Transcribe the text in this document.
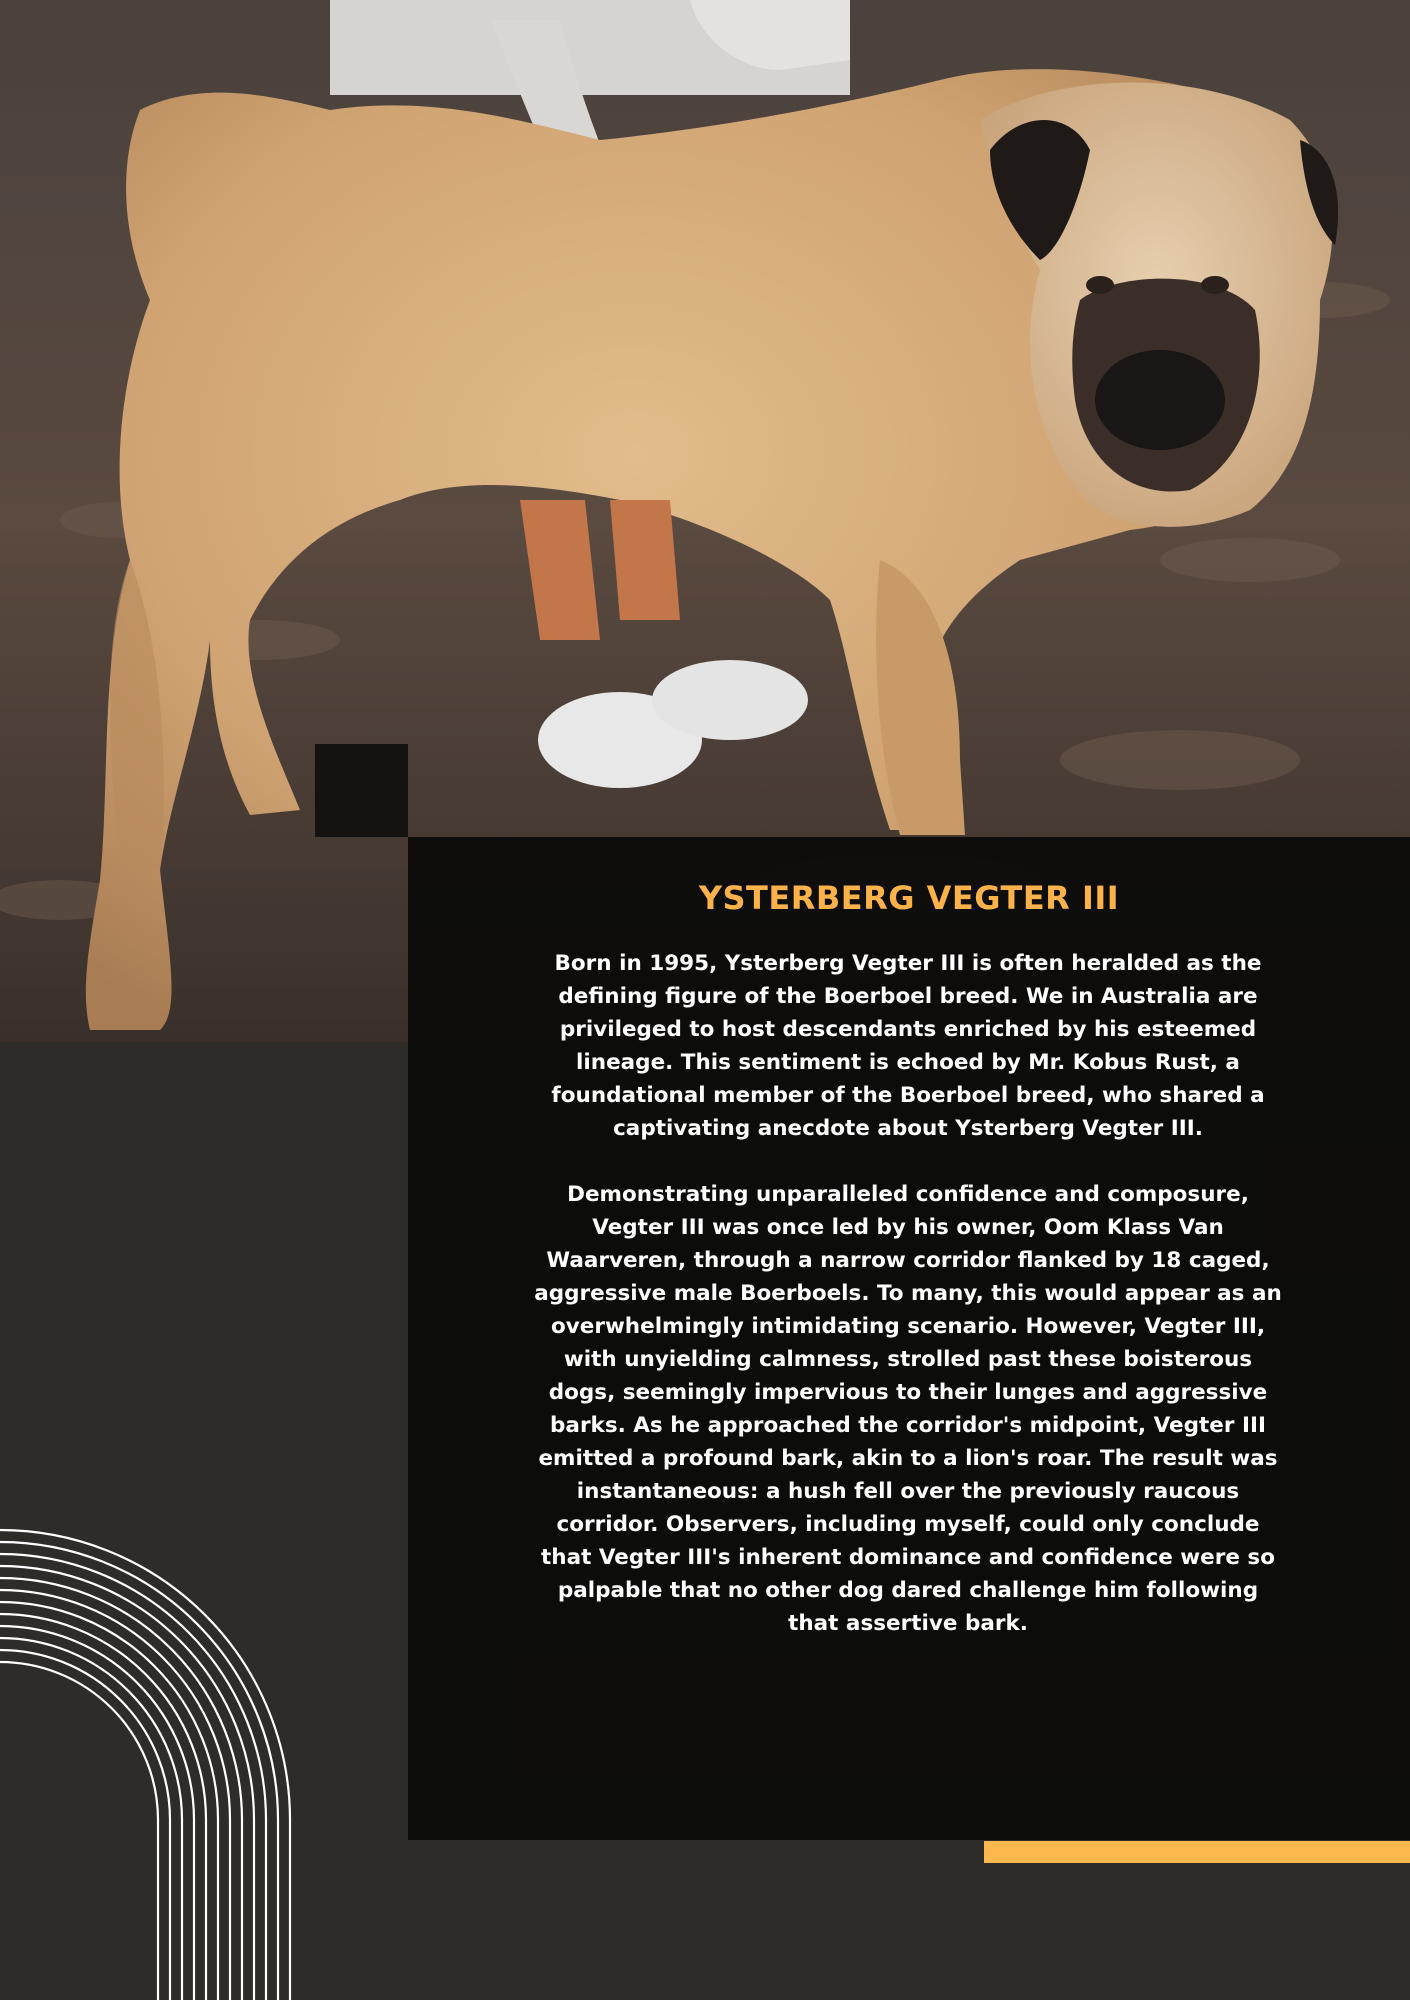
YSTERBERG VEGTER III

Born in 1995, Ysterberg Vegter III is often heralded as the defining figure of the Boerboel breed. We in Australia are privileged to host descendants enriched by his esteemed lineage. This sentiment is echoed by Mr. Kobus Rust, a foundational member of the Boerboel breed, who shared a captivating anecdote about Ysterberg Vegter III.

Demonstrating unparalleled confidence and composure, Vegter III was once led by his owner, Oom Klass Van Waarveren, through a narrow corridor flanked by 18 caged, aggressive male Boerboels. To many, this would appear as an overwhelmingly intimidating scenario. However, Vegter III, with unyielding calmness, strolled past these boisterous dogs, seemingly impervious to their lunges and aggressive barks. As he approached the corridor's midpoint, Vegter III emitted a profound bark, akin to a lion's roar. The result was instantaneous: a hush fell over the previously raucous corridor. Observers, including myself, could only conclude that Vegter III's inherent dominance and confidence were so palpable that no other dog dared challenge him following that assertive bark.
